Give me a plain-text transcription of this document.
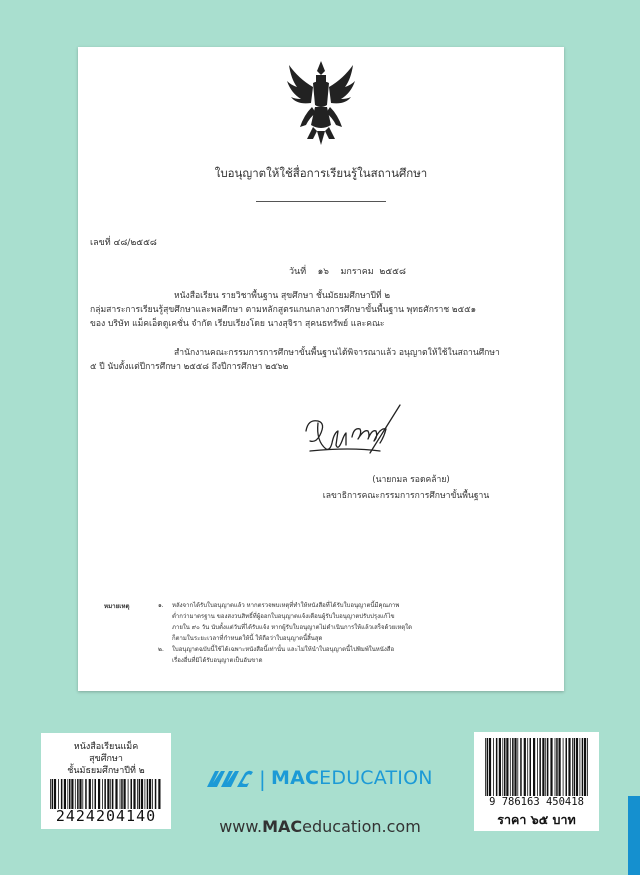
ใบอนุญาตให้ใช้สื่อการเรียนรู้ในสถานศึกษา
เลขที่ ๔๘/๒๕๕๘
วันที่    ๑๖    มกราคม  ๒๕๕๘
หนังสือเรียน รายวิชาพื้นฐาน สุขศึกษา ชั้นมัธยมศึกษาปีที่ ๒
กลุ่มสาระการเรียนรู้สุขศึกษาและพลศึกษา ตามหลักสูตรแกนกลางการศึกษาขั้นพื้นฐาน พุทธศักราช ๒๕๕๑
ของ บริษัท แม็คเอ็ดดูเคชั่น จำกัด เรียบเรียงโดย นางสุจิรา สุคนธทรัพย์ และคณะ
สำนักงานคณะกรรมการการศึกษาขั้นพื้นฐานได้พิจารณาแล้ว อนุญาตให้ใช้ในสถานศึกษา
๕ ปี นับตั้งแต่ปีการศึกษา ๒๕๕๘ ถึงปีการศึกษา ๒๕๖๒
(นายกมล รอดคล้าย)
เลขาธิการคณะกรรมการการศึกษาขั้นพื้นฐาน
หมายเหตุ	๑. หลังจากได้รับใบอนุญาตแล้ว หากตรวจพบเหตุที่ทำให้หนังสือที่ได้รับใบอนุญาตนี้มีคุณภาพ
ต่ำกว่ามาตรฐาน ของสงวนสิทธิ์ที่ผู้ออกใบอนุญาตแจ้งเตือนผู้รับใบอนุญาตปรับปรุงแก้ไข
ภายใน ๙๐ วัน นับตั้งแต่วันที่ได้รับแจ้ง หากผู้รับใบอนุญาตไม่ดำเนินการให้แล้วเสร็จด้วยเหตุใด
ก็ตามในระยะเวลาที่กำหนดให้นี้ ให้ถือว่าใบอนุญาตนี้สิ้นสุด
๒. ใบอนุญาตฉบับนี้ใช้ได้เฉพาะหนังสือนี้เท่านั้น และไม่ให้นำใบอนุญาตนี้ไปพิมพ์ในหนังสือ
เรื่องอื่นที่มิได้รับอนุญาตเป็นอันขาด
หนังสือเรียนแม็ค
สุขศึกษา
ชั้นมัธยมศึกษาปีที่ ๒
2424204140
| MACEDUCATION
www.MACeducation.com
9 786163 450418
ราคา ๖๕ บาท
